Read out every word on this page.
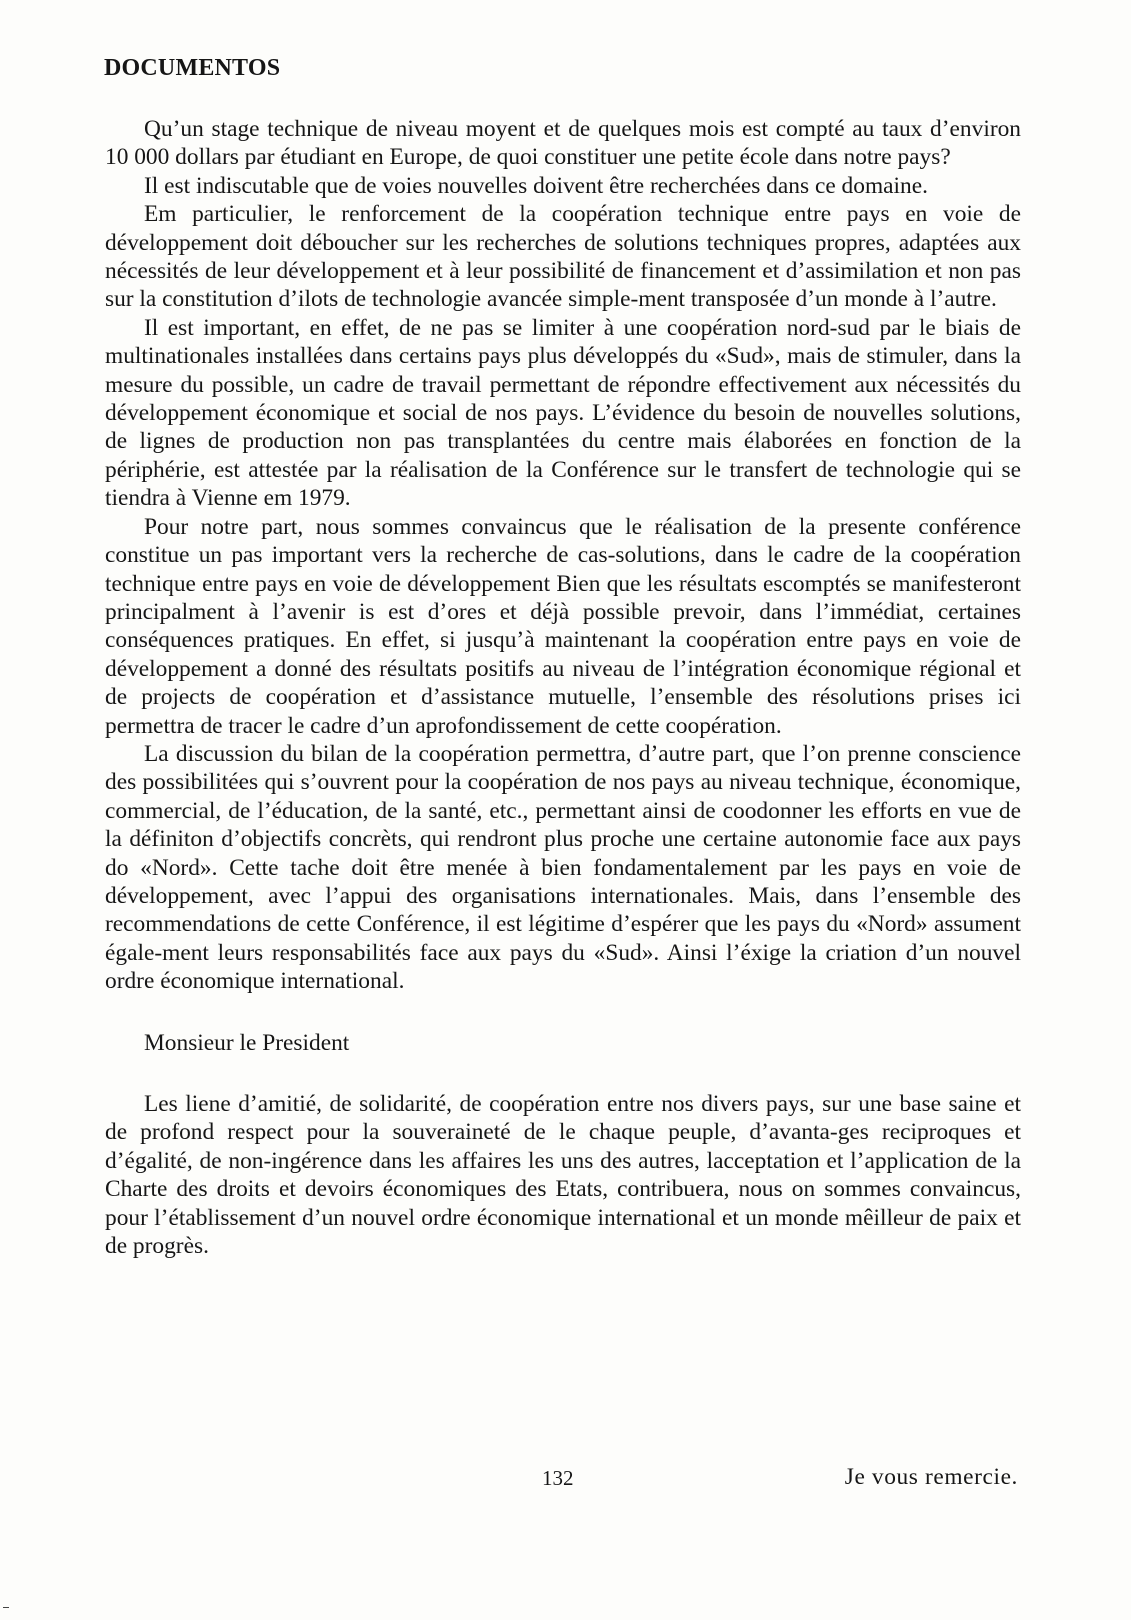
DOCUMENTOS

Qu’un stage technique de niveau moyent et de quelques mois est compté au taux d’environ 10 000 dollars par étudiant en Europe, de quoi constituer une petite école dans notre pays?

Il est indiscutable que de voies nouvelles doivent être recherchées dans ce domaine.

Em particulier, le renforcement de la coopération technique entre pays en voie de développement doit déboucher sur les recherches de solutions techniques propres, adaptées aux nécessités de leur développement et à leur possibilité de financement et d’assimilation et non pas sur la constitution d’ilots de technologie avancée simple-ment transposée d’un monde à l’autre.

Il est important, en effet, de ne pas se limiter à une coopération nord-sud par le biais de multinationales installées dans certains pays plus développés du «Sud», mais de stimuler, dans la mesure du possible, un cadre de travail permettant de répondre effectivement aux nécessités du développement économique et social de nos pays. L’évidence du besoin de nouvelles solutions, de lignes de production non pas transplantées du centre mais élaborées en fonction de la périphérie, est attestée par la réalisation de la Conférence sur le transfert de technologie qui se tiendra à Vienne em 1979.

Pour notre part, nous sommes convaincus que le réalisation de la presente conférence constitue un pas important vers la recherche de cas-solutions, dans le cadre de la coopération technique entre pays en voie de développement Bien que les résultats escomptés se manifesteront principalment à l’avenir is est d’ores et déjà possible prevoir, dans l’immédiat, certaines conséquences pratiques. En effet, si jusqu’à maintenant la coopération entre pays en voie de développement a donné des résultats positifs au niveau de l’intégration économique régional et de projects de coopération et d’assistance mutuelle, l’ensemble des résolutions prises ici permettra de tracer le cadre d’un aprofondissement de cette coopération.

La discussion du bilan de la coopération permettra, d’autre part, que l’on prenne conscience des possibilitées qui s’ouvrent pour la coopération de nos pays au niveau technique, économique, commercial, de l’éducation, de la santé, etc., permettant ainsi de coodonner les efforts en vue de la définiton d’objectifs concrèts, qui rendront plus proche une certaine autonomie face aux pays do «Nord». Cette tache doit être menée à bien fondamentalement par les pays en voie de développement, avec l’appui des organisations internationales. Mais, dans l’ensemble des recommendations de cette Conférence, il est légitime d’espérer que les pays du «Nord» assument égale-ment leurs responsabilités face aux pays du «Sud». Ainsi l’éxige la criation d’un nouvel ordre économique international.

Monsieur le President

Les liene d’amitié, de solidarité, de coopération entre nos divers pays, sur une base saine et de profond respect pour la souveraineté de le chaque peuple, d’avanta-ges reciproques et d’égalité, de non-ingérence dans les affaires les uns des autres, lacceptation et l’application de la Charte des droits et devoirs économiques des Etats, contribuera, nous on sommes convaincus, pour l’établissement d’un nouvel ordre économique international et un monde mêilleur de paix et de progrès.

132	Je vous remercie.
